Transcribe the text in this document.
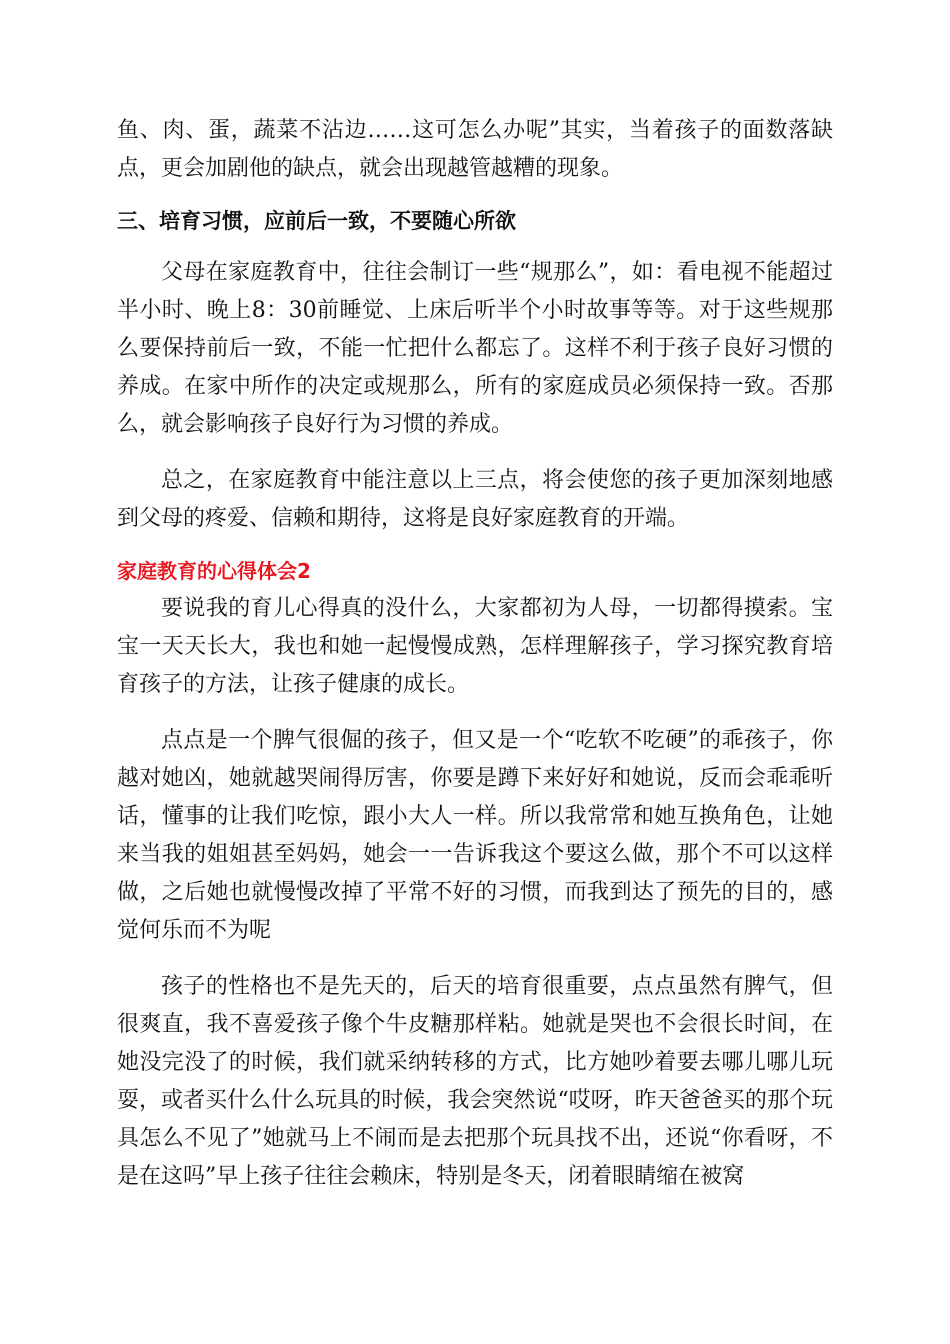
鱼、肉、蛋，蔬菜不沾边……这可怎么办呢”其实，当着孩子的面数落缺点，更会加剧他的缺点，就会出现越管越糟的现象。

三、培育习惯，应前后一致，不要随心所欲

父母在家庭教育中，往往会制订一些“规那么”，如：看电视不能超过半小时、晚上8：30前睡觉、上床后听半个小时故事等等。对于这些规那么要保持前后一致，不能一忙把什么都忘了。这样不利于孩子良好习惯的养成。在家中所作的决定或规那么，所有的家庭成员必须保持一致。否那么，就会影响孩子良好行为习惯的养成。

总之，在家庭教育中能注意以上三点，将会使您的孩子更加深刻地感到父母的疼爱、信赖和期待，这将是良好家庭教育的开端。

家庭教育的心得体会2

要说我的育儿心得真的没什么，大家都初为人母，一切都得摸索。宝宝一天天长大，我也和她一起慢慢成熟，怎样理解孩子，学习探究教育培育孩子的方法，让孩子健康的成长。

点点是一个脾气很倔的孩子，但又是一个“吃软不吃硬”的乖孩子，你越对她凶，她就越哭闹得厉害，你要是蹲下来好好和她说，反而会乖乖听话，懂事的让我们吃惊，跟小大人一样。所以我常常和她互换角色，让她来当我的姐姐甚至妈妈，她会一一告诉我这个要这么做，那个不可以这样做，之后她也就慢慢改掉了平常不好的习惯，而我到达了预先的目的，感觉何乐而不为呢

孩子的性格也不是先天的，后天的培育很重要，点点虽然有脾气，但很爽直，我不喜爱孩子像个牛皮糖那样粘。她就是哭也不会很长时间，在她没完没了的时候，我们就采纳转移的方式，比方她吵着要去哪儿哪儿玩耍，或者买什么什么玩具的时候，我会突然说“哎呀，昨天爸爸买的那个玩具怎么不见了”她就马上不闹而是去把那个玩具找不出，还说“你看呀，不是在这吗”早上孩子往往会赖床，特别是冬天，闭着眼睛缩在被窝
